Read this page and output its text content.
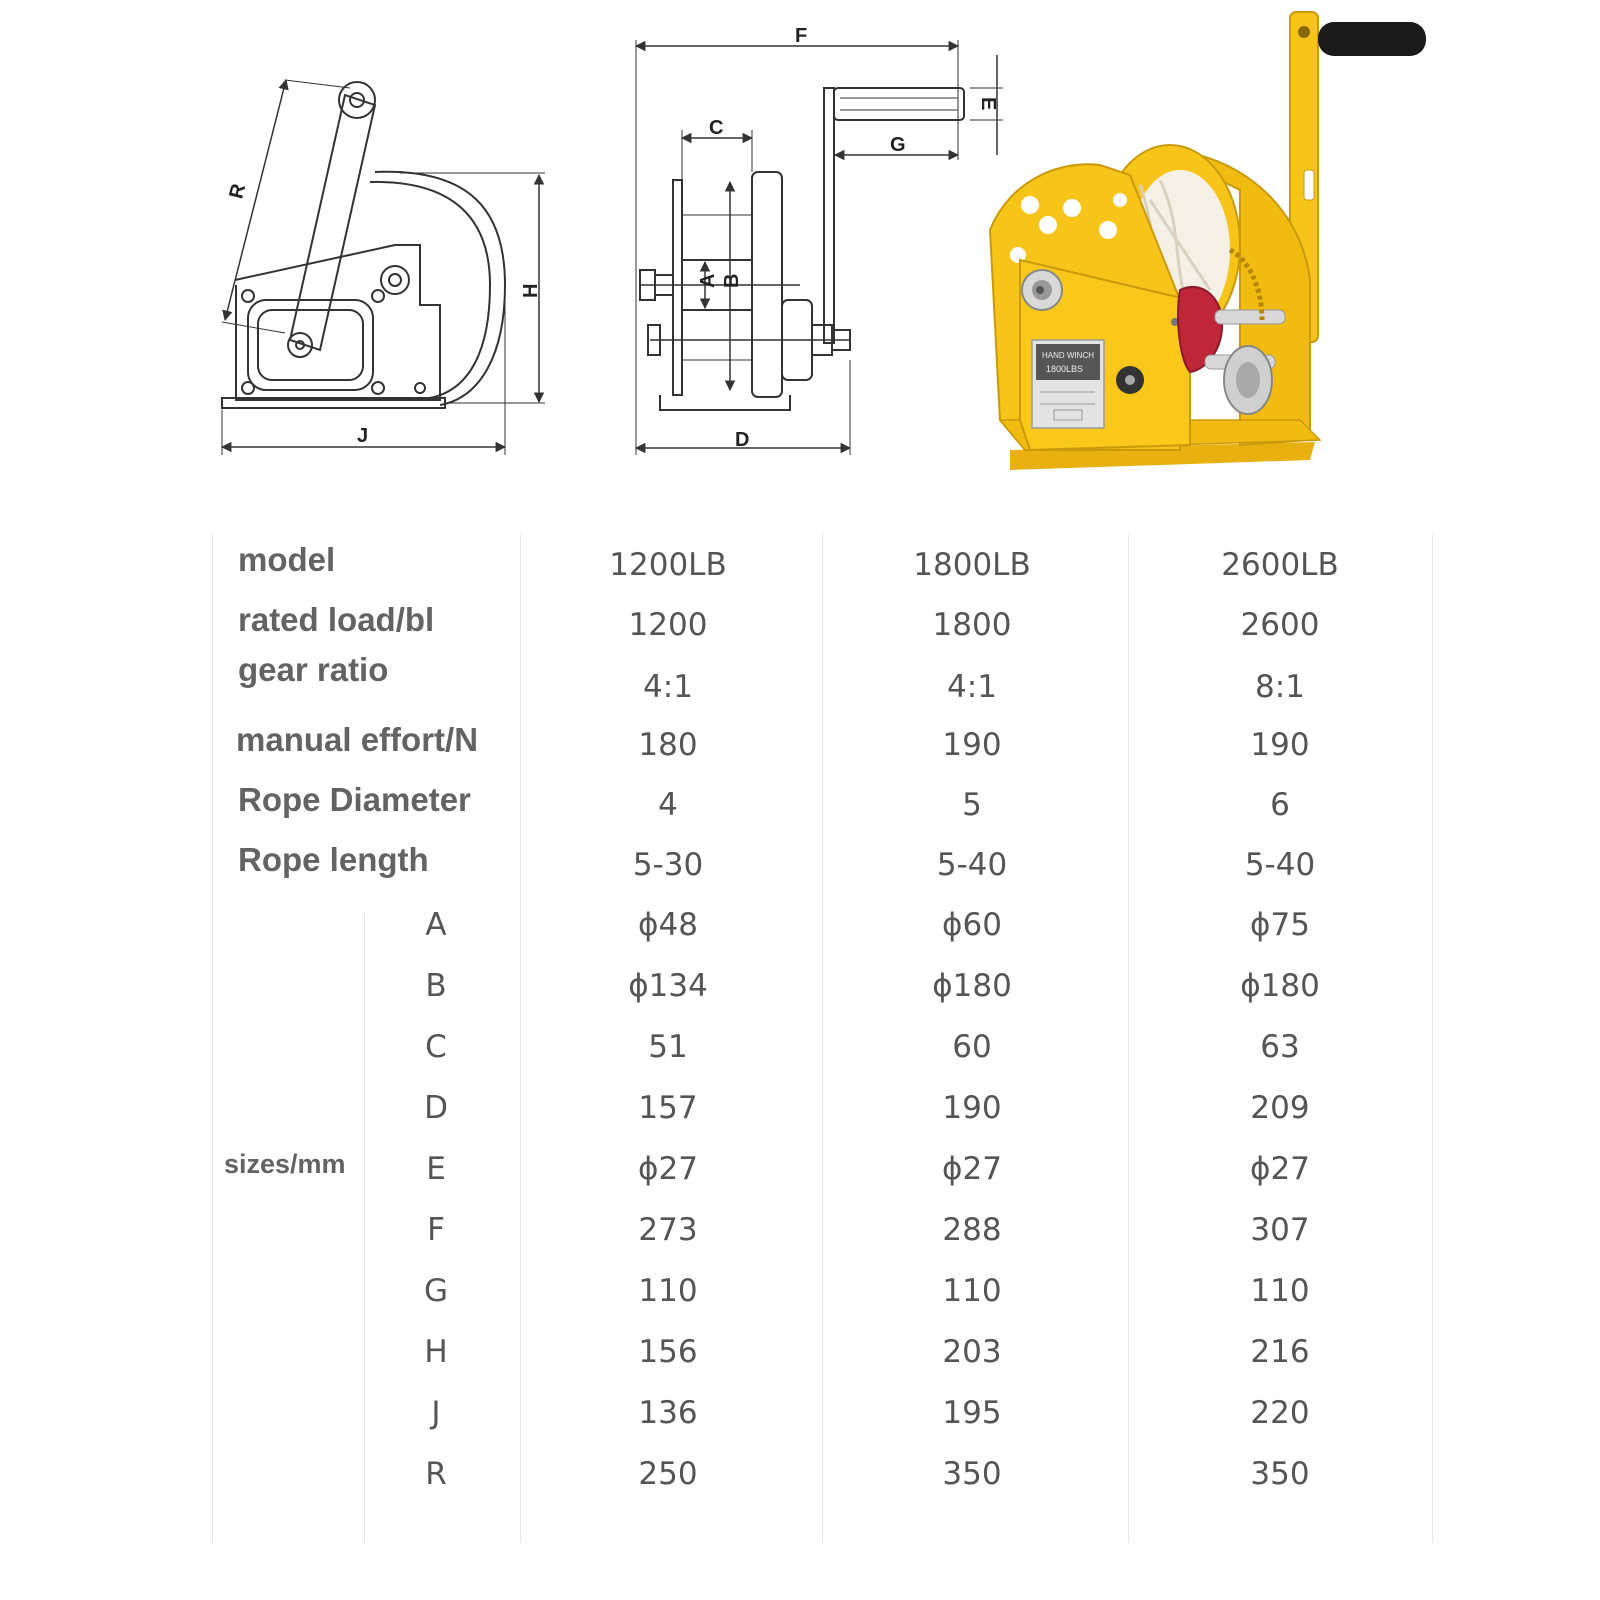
R
H
J
F
C
G
E
A B
D
HAND WINCH
1800LBS
model	1200LB	1800LB	2600LB
rated load/bl	1200	1800	2600
gear ratio	4:1	4:1	8:1
manual effort/N	180	190	190
Rope Diameter	4	5	6
Rope length	5-30	5-40	5-40
sizes/mm
A	ϕ48	ϕ60	ϕ75
B	ϕ134	ϕ180	ϕ180
C	51	60	63
D	157	190	209
E	ϕ27	ϕ27	ϕ27
F	273	288	307
G	110	110	110
H	156	203	216
J	136	195	220
R	250	350	350
